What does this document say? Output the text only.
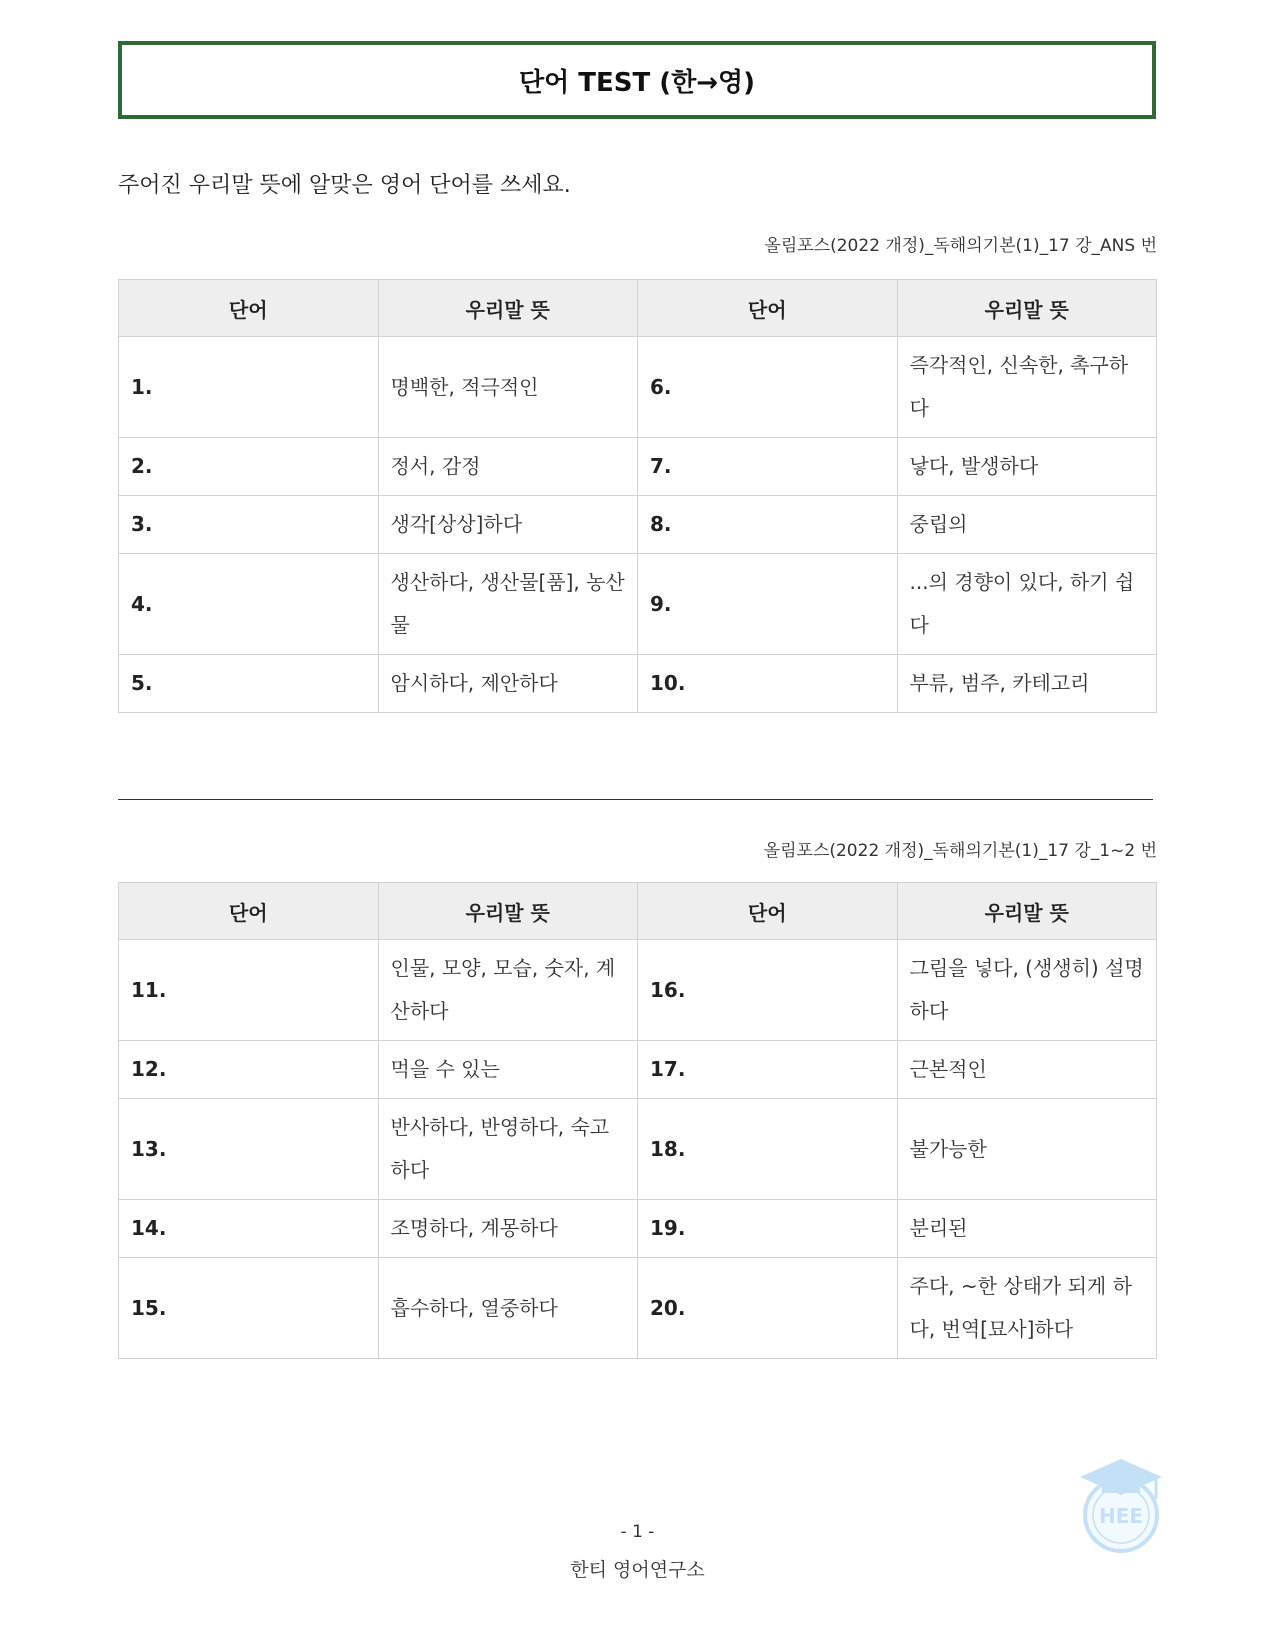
단어 TEST (한→영)
주어진 우리말 뜻에 알맞은 영어 단어를 쓰세요.
올림포스(2022 개정)_독해의기본(1)_17 강_ANS 번
단어	우리말 뜻	단어	우리말 뜻
1.	명백한, 적극적인	6.	즉각적인, 신속한, 촉구하다
2.	정서, 감정	7.	낳다, 발생하다
3.	생각[상상]하다	8.	중립의
4.	생산하다, 생산물[품], 농산물	9.	...의 경향이 있다, 하기 쉽다
5.	암시하다, 제안하다	10.	부류, 범주, 카테고리
올림포스(2022 개정)_독해의기본(1)_17 강_1~2 번
단어	우리말 뜻	단어	우리말 뜻
11.	인물, 모양, 모습, 숫자, 계산하다	16.	그림을 넣다, (생생히) 설명하다
12.	먹을 수 있는	17.	근본적인
13.	반사하다, 반영하다, 숙고하다	18.	불가능한
14.	조명하다, 계몽하다	19.	분리된
15.	흡수하다, 열중하다	20.	주다, ~한 상태가 되게 하다, 번역[묘사]하다
HEE
- 1 -
한티 영어연구소
